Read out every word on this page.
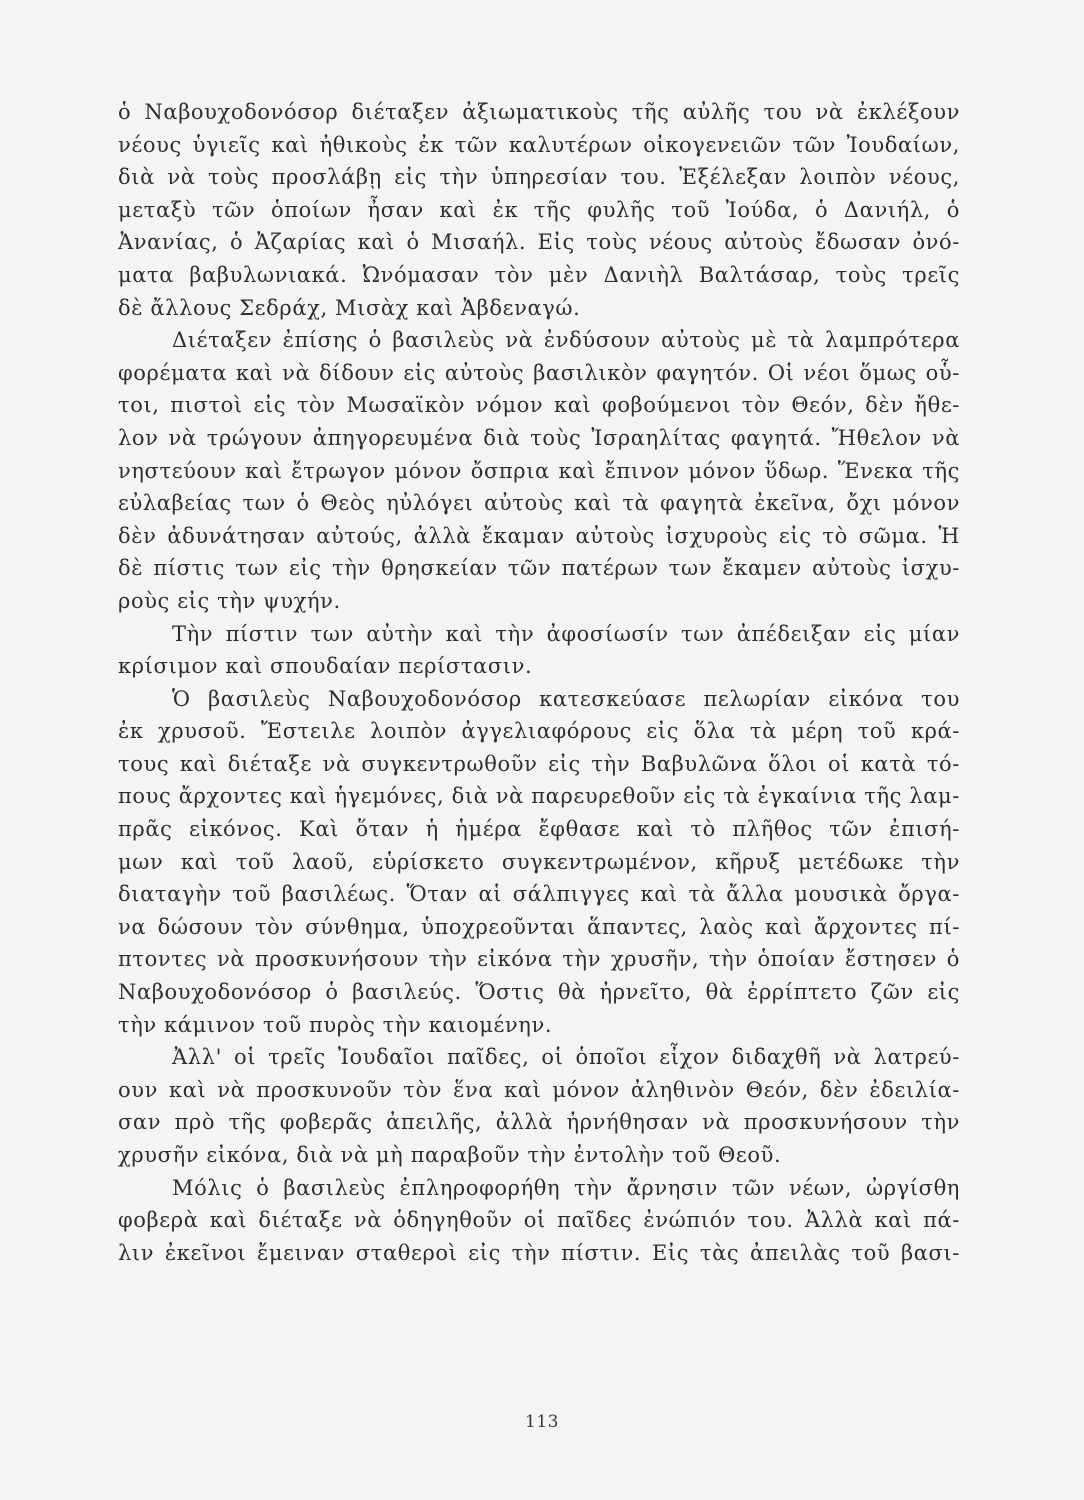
ὁ Ναβουχοδονόσορ διέταξεν ἀξιωματικοὺς τῆς αὐλῆς του νὰ ἐκλέξουν
νέους ὑγιεῖς καὶ ἠθικοὺς ἐκ τῶν καλυτέρων οἰκογενειῶν τῶν Ἰουδαίων,
διὰ νὰ τοὺς προσλάβῃ εἰς τὴν ὑπηρεσίαν του. Ἐξέλεξαν λοιπὸν νέους,
μεταξὺ τῶν ὁποίων ἦσαν καὶ ἐκ τῆς φυλῆς τοῦ Ἰούδα, ὁ Δανιήλ, ὁ
Ἀνανίας, ὁ Ἀζαρίας καὶ ὁ Μισαήλ. Εἰς τοὺς νέους αὐτοὺς ἔδωσαν ὀνό-
ματα βαβυλωνιακά. Ὠνόμασαν τὸν μὲν Δανιὴλ Βαλτάσαρ, τοὺς τρεῖς
δὲ ἄλλους Σεδράχ, Μισὰχ καὶ Ἀβδεναγώ.
Διέταξεν ἐπίσης ὁ βασιλεὺς νὰ ἐνδύσουν αὐτοὺς μὲ τὰ λαμπρότερα
φορέματα καὶ νὰ δίδουν εἰς αὐτοὺς βασιλικὸν φαγητόν. Οἱ νέοι ὅμως οὗ-
τοι, πιστοὶ εἰς τὸν Μωσαϊκὸν νόμον καὶ φοβούμενοι τὸν Θεόν, δὲν ἤθε-
λον νὰ τρώγουν ἀπηγορευμένα διὰ τοὺς Ἰσραηλίτας φαγητά. Ἤθελον νὰ
νηστεύουν καὶ ἔτρωγον μόνον ὄσπρια καὶ ἔπινον μόνον ὕδωρ. Ἕνεκα τῆς
εὐλαβείας των ὁ Θεὸς ηὐλόγει αὐτοὺς καὶ τὰ φαγητὰ ἐκεῖνα, ὄχι μόνον
δὲν ἀδυνάτησαν αὐτούς, ἀλλὰ ἔκαμαν αὐτοὺς ἰσχυροὺς εἰς τὸ σῶμα. Ἡ
δὲ πίστις των εἰς τὴν θρησκείαν τῶν πατέρων των ἔκαμεν αὐτοὺς ἰσχυ-
ροὺς εἰς τὴν ψυχήν.
Τὴν πίστιν των αὐτὴν καὶ τὴν ἀφοσίωσίν των ἀπέδειξαν εἰς μίαν
κρίσιμον καὶ σπουδαίαν περίστασιν.
Ὁ βασιλεὺς Ναβουχοδονόσορ κατεσκεύασε πελωρίαν εἰκόνα του
ἐκ χρυσοῦ. Ἔστειλε λοιπὸν ἀγγελιαφόρους εἰς ὅλα τὰ μέρη τοῦ κρά-
τους καὶ διέταξε νὰ συγκεντρωθοῦν εἰς τὴν Βαβυλῶνα ὅλοι οἱ κατὰ τό-
πους ἄρχοντες καὶ ἡγεμόνες, διὰ νὰ παρευρεθοῦν εἰς τὰ ἐγκαίνια τῆς λαμ-
πρᾶς εἰκόνος. Καὶ ὅταν ἡ ἡμέρα ἔφθασε καὶ τὸ πλῆθος τῶν ἐπισή-
μων καὶ τοῦ λαοῦ, εὑρίσκετο συγκεντρωμένον, κῆρυξ μετέδωκε τὴν
διαταγὴν τοῦ βασιλέως. Ὅταν αἱ σάλπιγγες καὶ τὰ ἄλλα μουσικὰ ὄργα-
να δώσουν τὸν σύνθημα, ὑποχρεοῦνται ἅπαντες, λαὸς καὶ ἄρχοντες πί-
πτοντες νὰ προσκυνήσουν τὴν εἰκόνα τὴν χρυσῆν, τὴν ὁποίαν ἔστησεν ὁ
Ναβουχοδονόσορ ὁ βασιλεύς. Ὅστις θὰ ἠρνεῖτο, θὰ ἐρρίπτετο ζῶν εἰς
τὴν κάμινον τοῦ πυρὸς τὴν καιομένην.
Ἀλλ' οἱ τρεῖς Ἰουδαῖοι παῖδες, οἱ ὁποῖοι εἶχον διδαχθῆ νὰ λατρεύ-
ουν καὶ νὰ προσκυνοῦν τὸν ἕνα καὶ μόνον ἀληθινὸν Θεόν, δὲν ἐδειλία-
σαν πρὸ τῆς φοβερᾶς ἀπειλῆς, ἀλλὰ ἠρνήθησαν νὰ προσκυνήσουν τὴν
χρυσῆν εἰκόνα, διὰ νὰ μὴ παραβοῦν τὴν ἐντολὴν τοῦ Θεοῦ.
Μόλις ὁ βασιλεὺς ἐπληροφορήθη τὴν ἄρνησιν τῶν νέων, ὠργίσθη
φοβερὰ καὶ διέταξε νὰ ὁδηγηθοῦν οἱ παῖδες ἐνώπιόν του. Ἀλλὰ καὶ πά-
λιν ἐκεῖνοι ἔμειναν σταθεροὶ εἰς τὴν πίστιν. Εἰς τὰς ἀπειλὰς τοῦ βασι-
113
